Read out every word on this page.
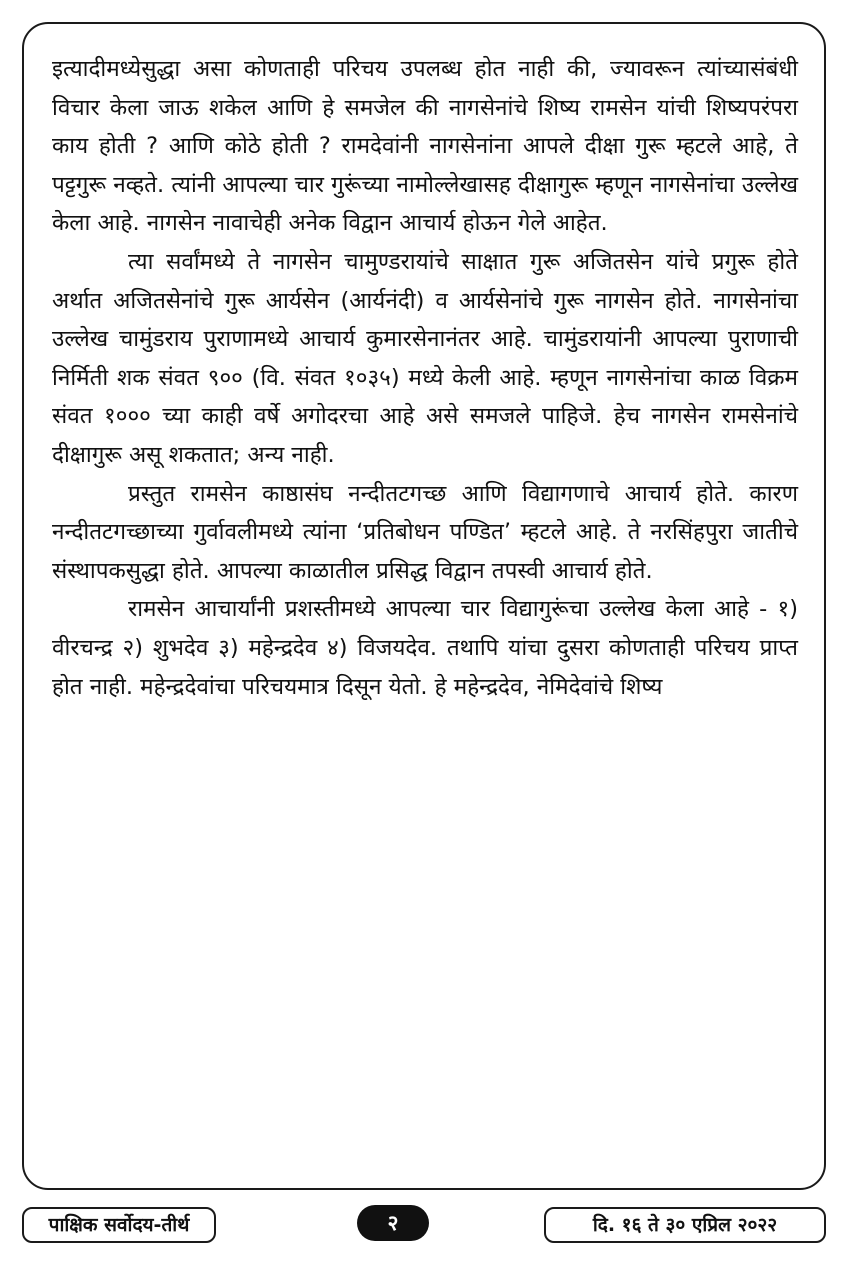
इत्यादीमध्येसुद्धा असा कोणताही परिचय उपलब्ध होत नाही की, ज्यावरून त्यांच्यासंबंधी विचार केला जाऊ शकेल आणि हे समजेल की नागसेनांचे शिष्य रामसेन यांची शिष्यपरंपरा काय होती ? आणि कोठे होती ? रामदेवांनी नागसेनांना आपले दीक्षा गुरू म्हटले आहे, ते पट्टगुरू नव्हते. त्यांनी आपल्या चार गुरूंच्या नामोल्लेखासह दीक्षागुरू म्हणून नागसेनांचा उल्लेख केला आहे. नागसेन नावाचेही अनेक विद्वान आचार्य होऊन गेले आहेत.

त्या सर्वांमध्ये ते नागसेन चामुण्डरायांचे साक्षात गुरू अजितसेन यांचे प्रगुरू होते अर्थात अजितसेनांचे गुरू आर्यसेन (आर्यनंदी) व आर्यसेनांचे गुरू नागसेन होते. नागसेनांचा उल्लेख चामुंडराय पुराणामध्ये आचार्य कुमारसेनानंतर आहे. चामुंडरायांनी आपल्या पुराणाची निर्मिती शक संवत ९०० (वि. संवत १०३५) मध्ये केली आहे. म्हणून नागसेनांचा काळ विक्रम संवत १००० च्या काही वर्षे अगोदरचा आहे असे समजले पाहिजे. हेच नागसेन रामसेनांचे दीक्षागुरू असू शकतात; अन्य नाही.

प्रस्तुत रामसेन काष्ठासंघ नन्दीतटगच्छ आणि विद्यागणाचे आचार्य होते. कारण नन्दीतटगच्छाच्या गुर्वावलीमध्ये त्यांना ‘प्रतिबोधन पण्डित’ म्हटले आहे. ते नरसिंहपुरा जातीचे संस्थापकसुद्धा होते. आपल्या काळातील प्रसिद्ध विद्वान तपस्वी आचार्य होते.

रामसेन आचार्यांनी प्रशस्तीमध्ये आपल्या चार विद्यागुरूंचा उल्लेख केला आहे - १) वीरचन्द्र २) शुभदेव ३) महेन्द्रदेव ४) विजयदेव. तथापि यांचा दुसरा कोणताही परिचय प्राप्त होत नाही. महेन्द्रदेवांचा परिचयमात्र दिसून येतो. हे महेन्द्रदेव, नेमिदेवांचे शिष्य

पाक्षिक सर्वोदय-तीर्थ	२	दि. १६ ते ३० एप्रिल २०२२
